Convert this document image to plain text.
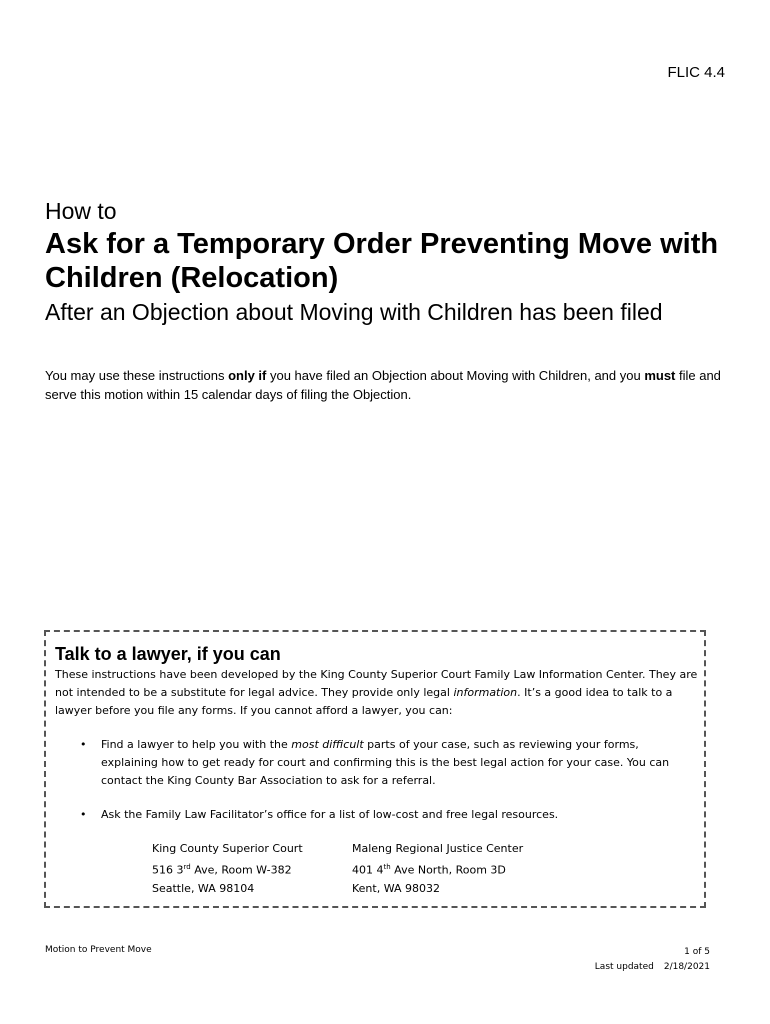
FLIC 4.4
How to
Ask for a Temporary Order Preventing Move with Children (Relocation)
After an Objection about Moving with Children has been filed

You may use these instructions only if you have filed an Objection about Moving with Children, and you must file and serve this motion within 15 calendar days of filing the Objection.

Talk to a lawyer, if you can

These instructions have been developed by the King County Superior Court Family Law Information Center. They are not intended to be a substitute for legal advice. They provide only legal information. It’s a good idea to talk to a lawyer before you file any forms. If you cannot afford a lawyer, you can:

• Find a lawyer to help you with the most difficult parts of your case, such as reviewing your forms, explaining how to get ready for court and confirming this is the best legal action for your case. You can contact the King County Bar Association to ask for a referral.
• Ask the Family Law Facilitator’s office for a list of low-cost and free legal resources.
King County Superior Court
516 3rd Ave, Room W-382
Seattle, WA 98104
Maleng Regional Justice Center
401 4th Ave North, Room 3D
Kent, WA 98032
Motion to Prevent Move	1 of 5
Last updated 2/18/2021
